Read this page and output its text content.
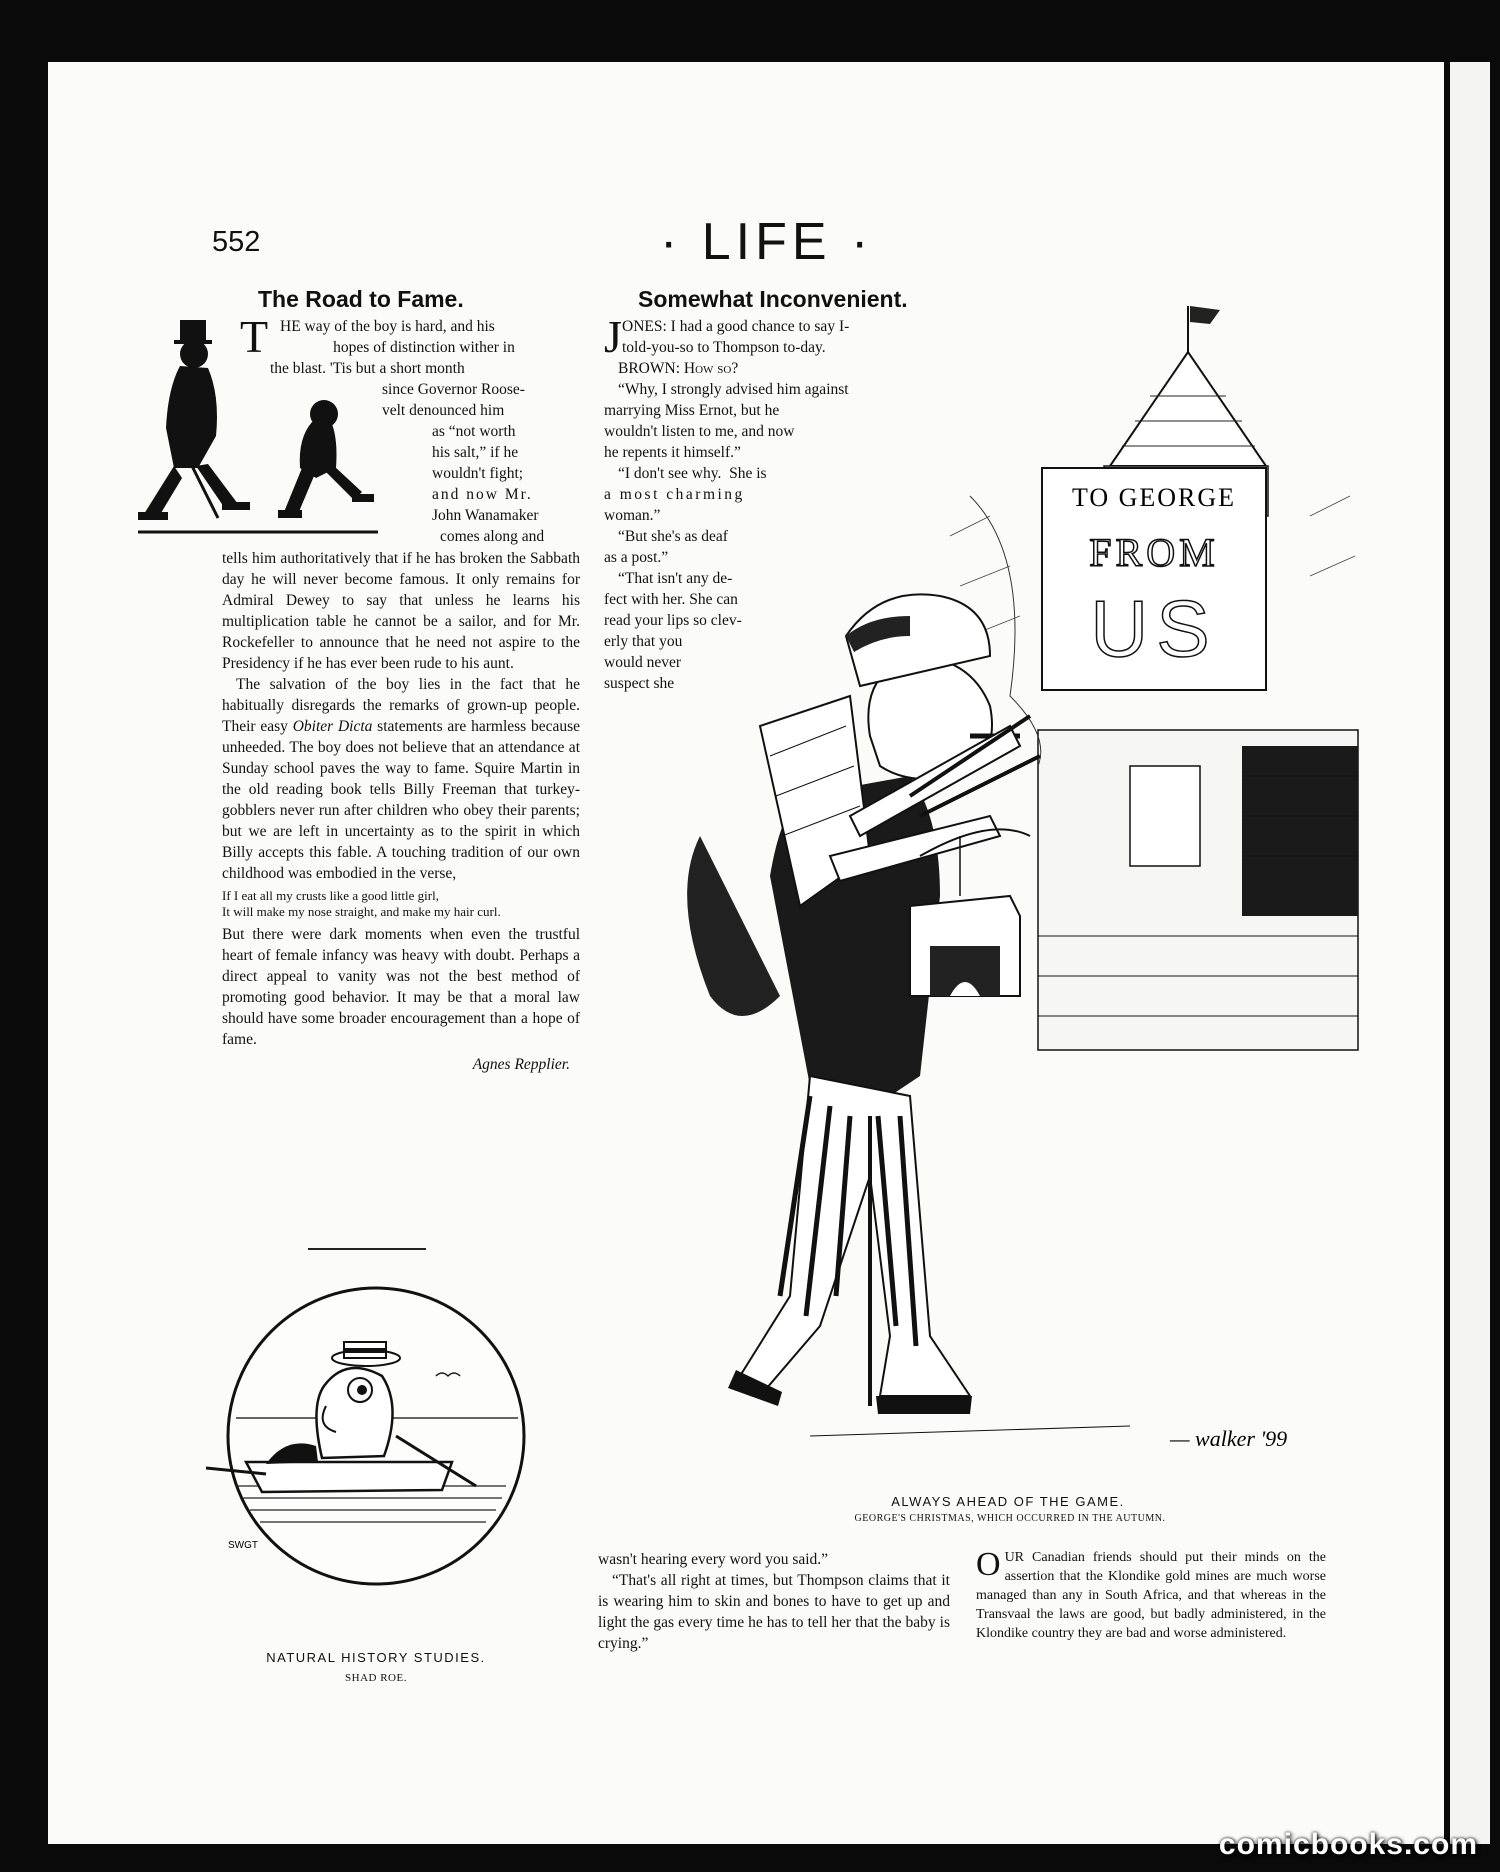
552	· LIFE ·
The Road to Fame.
T HE way of the boy is hard, and his
hopes of distinction wither in
the blast. 'Tis but a short month
since Governor Roose-
velt denounced him
as “not worth
his salt,” if he
wouldn't fight;
and now Mr.
John Wanamaker
comes along and

tells him authoritatively that if he has broken the Sabbath day he will never become famous. It only remains for Admiral Dewey to say that unless he learns his multiplication table he cannot be a sailor, and for Mr. Rockefeller to announce that he need not aspire to the Presidency if he has ever been rude to his aunt.

The salvation of the boy lies in the fact that he habitually disregards the remarks of grown-up people. Their easy Obiter Dicta statements are harmless because unheeded. The boy does not believe that an attendance at Sunday school paves the way to fame. Squire Martin in the old reading book tells Billy Freeman that turkey-gobblers never run after children who obey their parents; but we are left in uncertainty as to the spirit in which Billy accepts this fable. A touching tradition of our own childhood was embodied in the verse,

If I eat all my crusts like a good little girl,
It will make my nose straight, and make my hair curl.

But there were dark moments when even the trustful heart of female infancy was heavy with doubt. Perhaps a direct appeal to vanity was not the best method of promoting good behavior. It may be that a moral law should have some broader encouragement than a hope of fame.

Agnes Repplier.
SWGT
NATURAL HISTORY STUDIES.
SHAD ROE.
Somewhat Inconvenient.
J ONES: I had a good chance to say I-
told-you-so to Thompson to-day.
BROWN: How so?
“Why, I strongly advised him against
marrying Miss Ernot, but he
wouldn't listen to me, and now
he repents it himself.”
“I don't see why.  She is
a most charming
woman.”
“But she's as deaf
as a post.”
“That isn't any de-
fect with her. She can
read your lips so clev-
erly that you
would never
suspect she
TO GEORGE
FROM
US
— walker '99
ALWAYS AHEAD OF THE GAME.
GEORGE'S CHRISTMAS, WHICH OCCURRED IN THE AUTUMN.
wasn't hearing every word you said.”

“That's all right at times, but Thompson claims that it is wearing him to skin and bones to have to get up and light the gas every time he has to tell her that the baby is crying.”

OUR Canadian friends should put their minds on the assertion that the Klondike gold mines are much worse managed than any in South Africa, and that whereas in the Transvaal the laws are good, but badly administered, in the Klondike country they are bad and worse administered.
comicbooks.com
